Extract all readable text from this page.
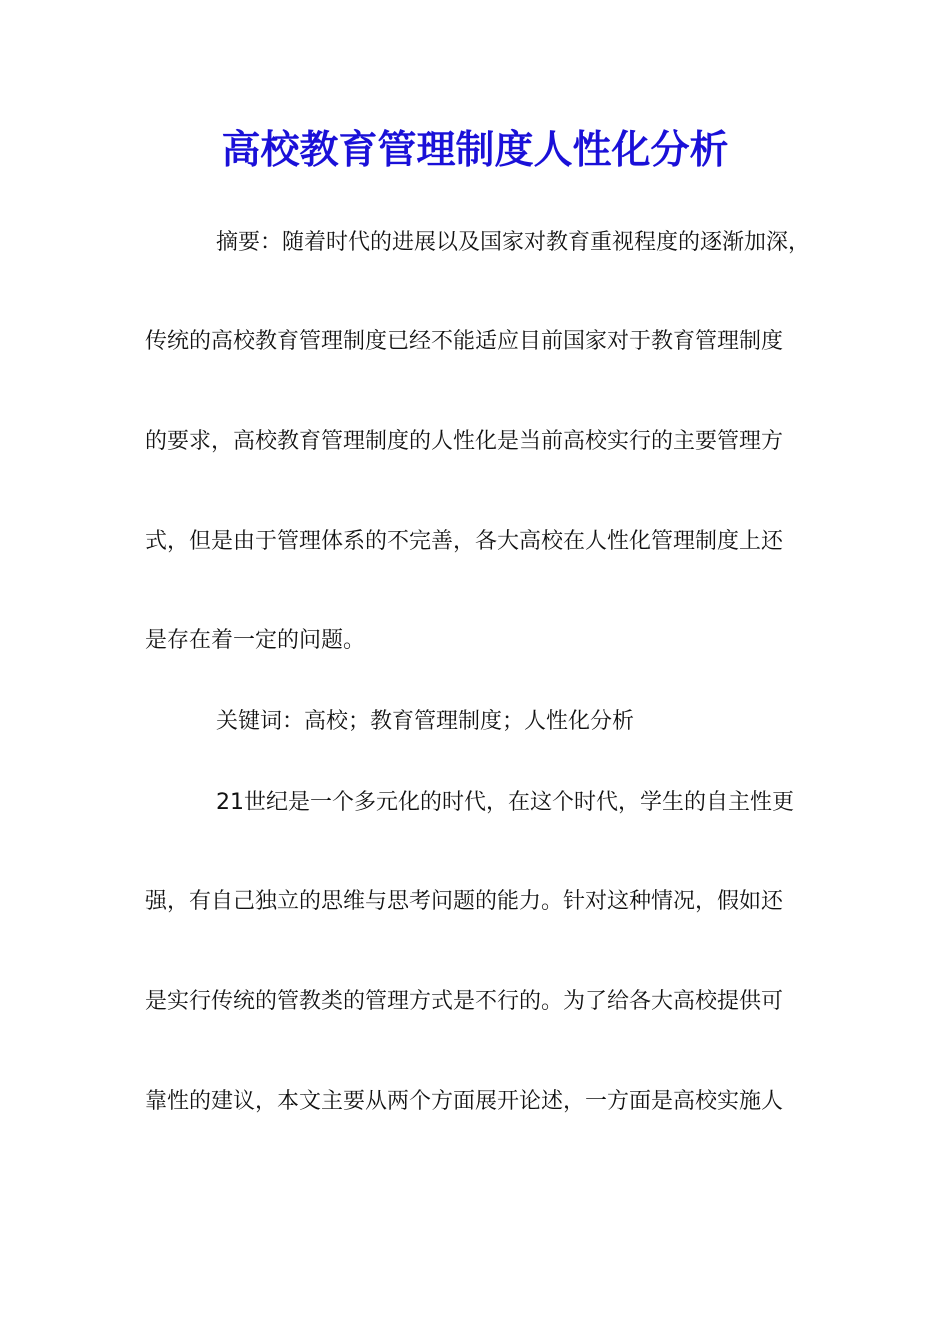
高校教育管理制度人性化分析

摘要：随着时代的进展以及国家对教育重视程度的逐渐加深，

传统的高校教育管理制度已经不能适应目前国家对于教育管理制度

的要求，高校教育管理制度的人性化是当前高校实行的主要管理方

式，但是由于管理体系的不完善，各大高校在人性化管理制度上还

是存在着一定的问题。

关键词：高校；教育管理制度；人性化分析

21世纪是一个多元化的时代，在这个时代，学生的自主性更

强，有自己独立的思维与思考问题的能力。针对这种情况，假如还

是实行传统的管教类的管理方式是不行的。为了给各大高校提供可

靠性的建议，本文主要从两个方面展开论述，一方面是高校实施人
